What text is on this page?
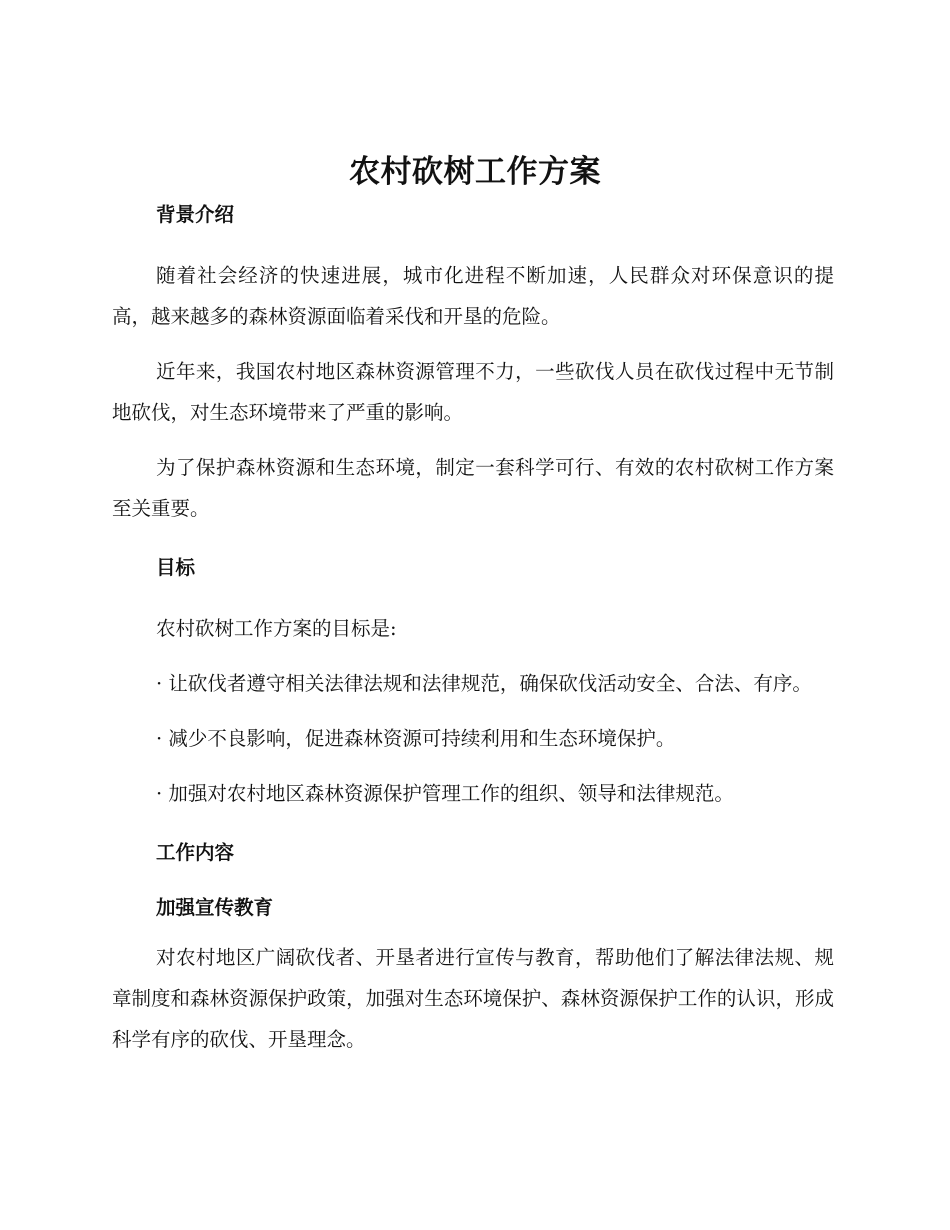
农村砍树工作方案
背景介绍

随着社会经济的快速进展，城市化进程不断加速，人民群众对环保意识的提高，越来越多的森林资源面临着采伐和开垦的危险。

近年来，我国农村地区森林资源管理不力，一些砍伐人员在砍伐过程中无节制地砍伐，对生态环境带来了严重的影响。

为了保护森林资源和生态环境，制定一套科学可行、有效的农村砍树工作方案至关重要。

目标

农村砍树工作方案的目标是:

· 让砍伐者遵守相关法律法规和法律规范，确保砍伐活动安全、合法、有序。

· 减少不良影响，促进森林资源可持续利用和生态环境保护。

· 加强对农村地区森林资源保护管理工作的组织、领导和法律规范。

工作内容
加强宣传教育

对农村地区广阔砍伐者、开垦者进行宣传与教育，帮助他们了解法律法规、规章制度和森林资源保护政策，加强对生态环境保护、森林资源保护工作的认识，形成科学有序的砍伐、开垦理念。
